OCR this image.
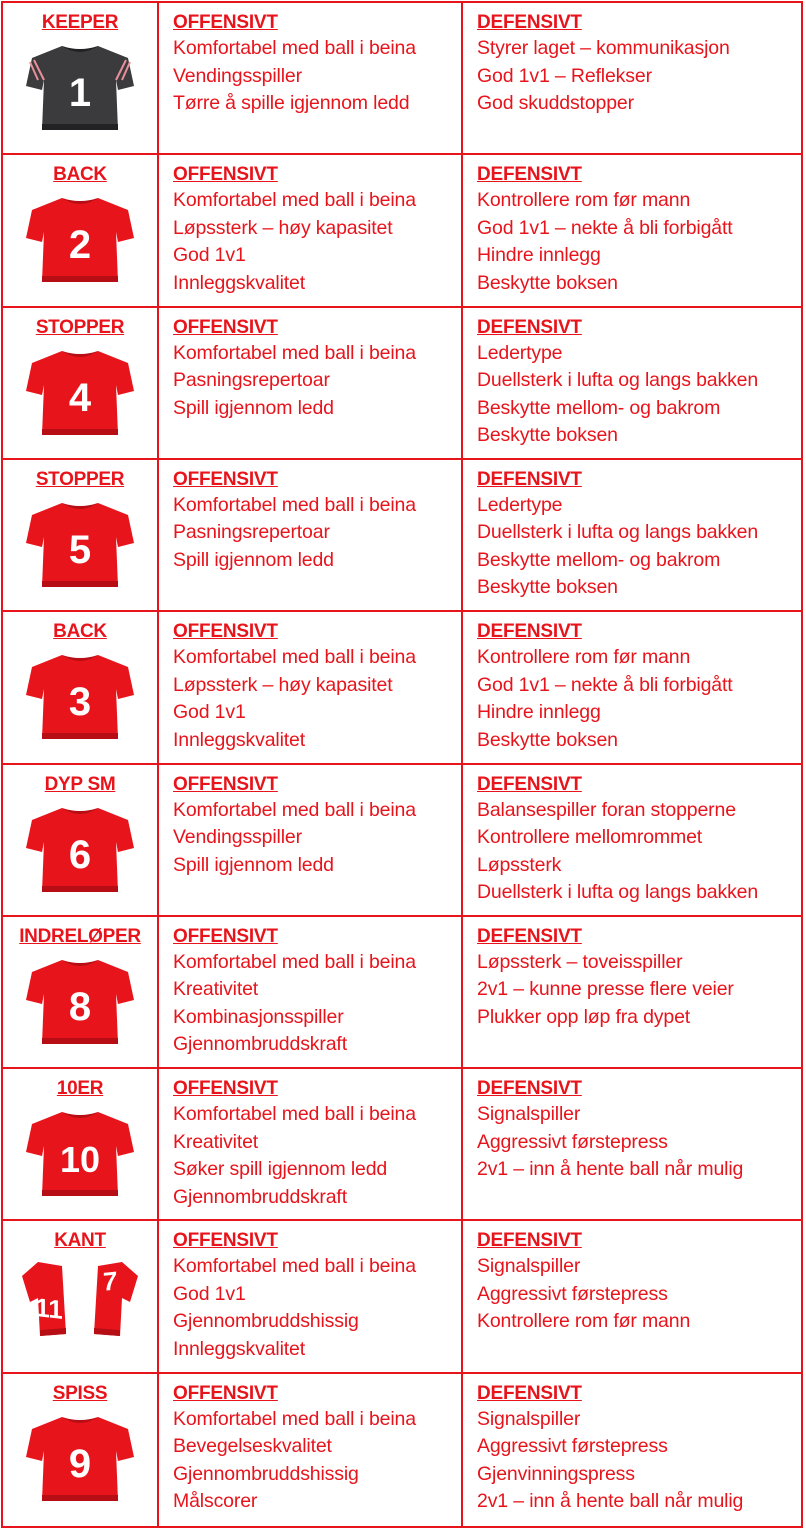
KEEPER
1
OFFENSIVT
Komfortabel med ball i beina
Vendingsspiller
Tørre å spille igjennom ledd
DEFENSIVT
Styrer laget – kommunikasjon
God 1v1 – Reflekser
God skuddstopper
BACK
2
OFFENSIVT
Komfortabel med ball i beina
Løpssterk – høy kapasitet
God 1v1
Innleggskvalitet
DEFENSIVT
Kontrollere rom før mann
God 1v1 – nekte å bli forbigått
Hindre innlegg
Beskytte boksen
STOPPER
4
OFFENSIVT
Komfortabel med ball i beina
Pasningsrepertoar
Spill igjennom ledd
DEFENSIVT
Ledertype
Duellsterk i lufta og langs bakken
Beskytte mellom- og bakrom
Beskytte boksen
STOPPER
5
OFFENSIVT
Komfortabel med ball i beina
Pasningsrepertoar
Spill igjennom ledd
DEFENSIVT
Ledertype
Duellsterk i lufta og langs bakken
Beskytte mellom- og bakrom
Beskytte boksen
BACK
3
OFFENSIVT
Komfortabel med ball i beina
Løpssterk – høy kapasitet
God 1v1
Innleggskvalitet
DEFENSIVT
Kontrollere rom før mann
God 1v1 – nekte å bli forbigått
Hindre innlegg
Beskytte boksen
DYP SM
6
OFFENSIVT
Komfortabel med ball i beina
Vendingsspiller
Spill igjennom ledd
DEFENSIVT
Balansespiller foran stopperne
Kontrollere mellomrommet
Løpssterk
Duellsterk i lufta og langs bakken
INDRELØPER
8
OFFENSIVT
Komfortabel med ball i beina
Kreativitet
Kombinasjonsspiller
Gjennombruddskraft
DEFENSIVT
Løpssterk – toveisspiller
2v1 – kunne presse flere veier
Plukker opp løp fra dypet
10ER
10
OFFENSIVT
Komfortabel med ball i beina
Kreativitet
Søker spill igjennom ledd
Gjennombruddskraft
DEFENSIVT
Signalspiller
Aggressivt førstepress
2v1 – inn å hente ball når mulig
KANT
11
7
OFFENSIVT
Komfortabel med ball i beina
God 1v1
Gjennombruddshissig
Innleggskvalitet
DEFENSIVT
Signalspiller
Aggressivt førstepress
Kontrollere rom før mann
SPISS
9
OFFENSIVT
Komfortabel med ball i beina
Bevegelseskvalitet
Gjennombruddshissig
Målscorer
DEFENSIVT
Signalspiller
Aggressivt førstepress
Gjenvinningspress
2v1 – inn å hente ball når mulig
